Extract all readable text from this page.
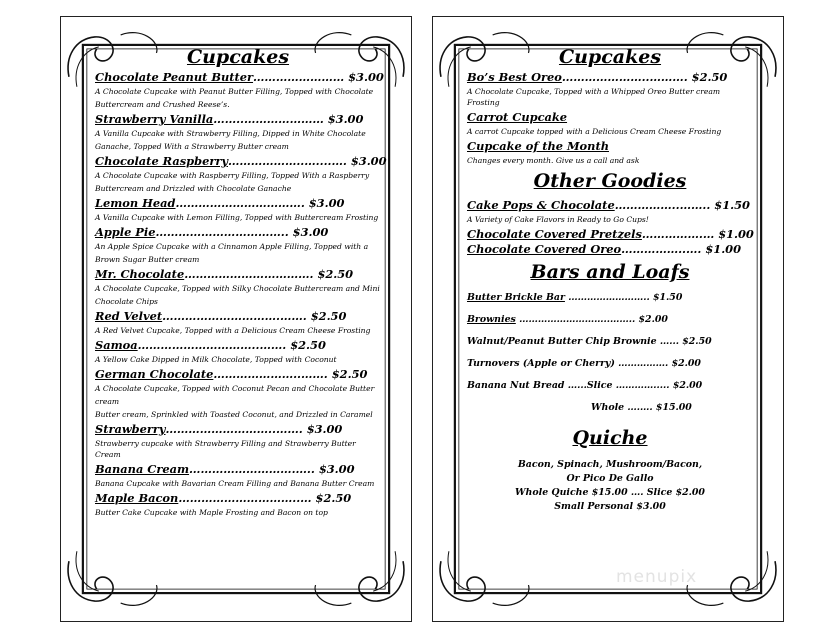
Cupcakes
Chocolate Peanut Butter…………………… $3.00
A Chocolate Cupcake with Peanut Butter Filling, Topped with Chocolate
Buttercream and Crushed Reese’s.
Strawberry Vanilla……..………………… $3.00
A Vanilla Cupcake with Strawberry Filling, Dipped in White Chocolate
Ganache, Topped With a Strawberry Butter cream
Chocolate Raspberry………………..…....…. $3.00
A Chocolate Cupcake with Raspberry Filling, Topped With a Raspberry
Buttercream and Drizzled with Chocolate Ganache
Lemon Head……………………………. $3.00
A Vanilla Cupcake with Lemon Filling, Topped with Buttercream Frosting
Apple Pie…………………………….. $3.00
An Apple Spice Cupcake with a Cinnamon Apple Filling, Topped with a
Brown Sugar Butter cream
Mr. Chocolate……………………………. $2.50
A Chocolate Cupcake, Topped with Silky Chocolate Buttercream and Mini
Chocolate Chips
Red Velvet………………………….……. $2.50
A Red Velvet Cupcake, Topped with a Delicious Cream Cheese Frosting
Samoa…………………………..……. $2.50
A Yellow Cake Dipped in Milk Chocolate, Topped with Coconut
German Chocolate…………………..……. $2.50
A Chocolate Cupcake, Topped with Coconut Pecan and Chocolate Butter
cream
Butter cream, Sprinkled with Toasted Coconut, and Drizzled in Caramel
Strawberry………………………..……. $3.00
Strawberry cupcake with Strawberry Filling and Strawberry Butter Cream
Banana Cream……………………….….. $3.00
Banana Cupcake with Bavarian Cream Filling and Banana Butter Cream
Maple Bacon…………………………..… $2.50
Butter Cake Cupcake with Maple Frosting and Bacon on top
Cupcakes
Bo’s Best Oreo…………………..………. $2.50
A Chocolate Cupcake, Topped with a Whipped Oreo Butter cream Frosting
Carrot Cupcake
A carrot Cupcake topped with a Delicious Cream Cheese Frosting
Cupcake of the Month
Changes every month. Give us a call and ask
Other Goodies
Cake Pops & Chocolate……………..…….. $1.50
A Variety of Cake Flavors in Ready to Go Cups!
Chocolate Covered Pretzels…………….… $1.00
Chocolate Covered Oreo……………..…. $1.00
Bars and Loafs
Butter Brickle Bar …………………….. $1.50
Brownies ………………………..…….. $2.00
Walnut/Peanut Butter Chip Brownie …... $2.50
Turnovers (Apple or Cherry) ……………. $2.00
Banana Nut Bread …...Slice …………..... $2.00
Whole ….…. $15.00
Quiche
Bacon, Spinach, Mushroom/Bacon,
Or Pico De Gallo
Whole Quiche $15.00 …. Slice $2.00
Small Personal $3.00
menupix
